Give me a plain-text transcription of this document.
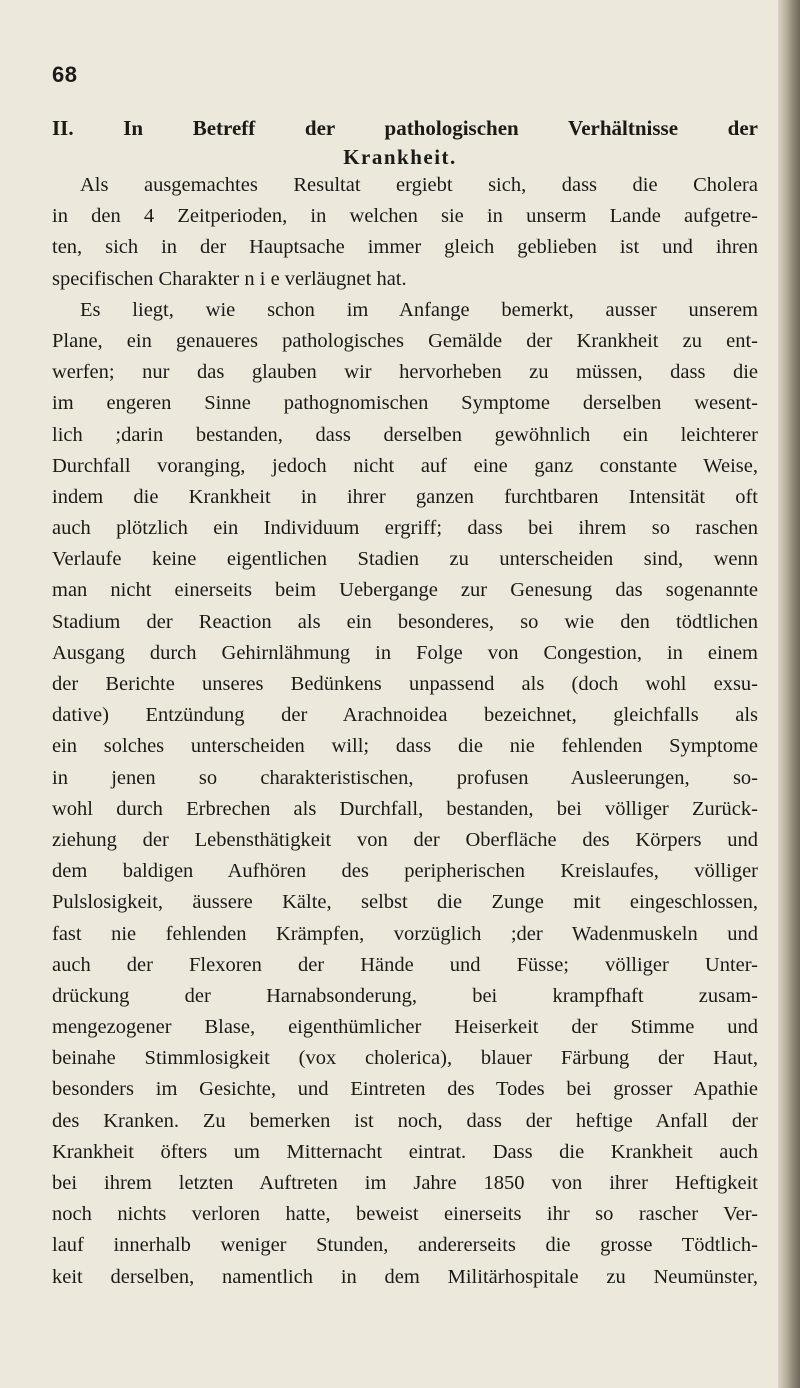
68
II. In Betreff der pathologischen Verhältnisse der
Krankheit.
Als ausgemachtes Resultat ergiebt sich, dass die Cholera
in den 4 Zeitperioden, in welchen sie in unserm Lande aufgetre-
ten, sich in der Hauptsache immer gleich geblieben ist und ihren
specifischen Charakter n i e verläugnet hat.
Es liegt, wie schon im Anfange bemerkt, ausser unserem
Plane, ein genaueres pathologisches Gemälde der Krankheit zu ent-
werfen; nur das glauben wir hervorheben zu müssen, dass die
im engeren Sinne pathognomischen Symptome derselben wesent-
lich ;darin bestanden, dass derselben gewöhnlich ein leichterer
Durchfall voranging, jedoch nicht auf eine ganz constante Weise,
indem die Krankheit in ihrer ganzen furchtbaren Intensität oft
auch plötzlich ein Individuum ergriff; dass bei ihrem so raschen
Verlaufe keine eigentlichen Stadien zu unterscheiden sind, wenn
man nicht einerseits beim Uebergange zur Genesung das sogenannte
Stadium der Reaction als ein besonderes, so wie den tödtlichen
Ausgang durch Gehirnlähmung in Folge von Congestion, in einem
der Berichte unseres Bedünkens unpassend als (doch wohl exsu-
dative) Entzündung der Arachnoidea bezeichnet, gleichfalls als
ein solches unterscheiden will; dass die nie fehlenden Symptome
in jenen so charakteristischen, profusen Ausleerungen, so-
wohl durch Erbrechen als Durchfall, bestanden, bei völliger Zurück-
ziehung der Lebensthätigkeit von der Oberfläche des Körpers und
dem baldigen Aufhören des peripherischen Kreislaufes, völliger
Pulslosigkeit, äussere Kälte, selbst die Zunge mit eingeschlossen,
fast nie fehlenden Krämpfen, vorzüglich ;der Wadenmuskeln und
auch der Flexoren der Hände und Füsse; völliger Unter-
drückung der Harnabsonderung, bei krampfhaft zusam-
mengezogener Blase, eigenthümlicher Heiserkeit der Stimme und
beinahe Stimmlosigkeit (vox cholerica), blauer Färbung der Haut,
besonders im Gesichte, und Eintreten des Todes bei grosser Apathie
des Kranken. Zu bemerken ist noch, dass der heftige Anfall der
Krankheit öfters um Mitternacht eintrat. Dass die Krankheit auch
bei ihrem letzten Auftreten im Jahre 1850 von ihrer Heftigkeit
noch nichts verloren hatte, beweist einerseits ihr so rascher Ver-
lauf innerhalb weniger Stunden, andererseits die grosse Tödtlich-
keit derselben, namentlich in dem Militärhospitale zu Neumünster,
